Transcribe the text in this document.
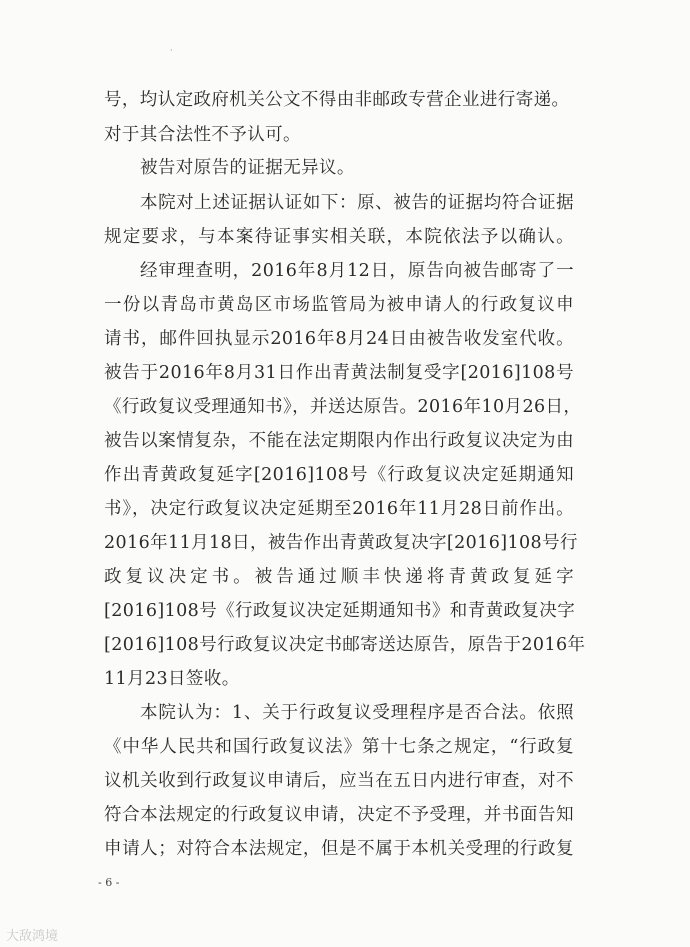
·
号，均认定政府机关公文不得由非邮政专营企业进行寄递。
对于其合法性不予认可。
被告对原告的证据无异议。
本院对上述证据认证如下：原、被告的证据均符合证据
规定要求，与本案待证事实相关联，本院依法予以确认。
经审理查明，2016年8月12日，原告向被告邮寄了一
一份以青岛市黄岛区市场监管局为被申请人的行政复议申
请书，邮件回执显示2016年8月24日由被告收发室代收。
被告于2016年8月31日作出青黄法制复受字[2016]108号
《行政复议受理通知书》，并送达原告。2016年10月26日，
被告以案情复杂，不能在法定期限内作出行政复议决定为由
作出青黄政复延字[2016]108号《行政复议决定延期通知
书》，决定行政复议决定延期至2016年11月28日前作出。
2016年11月18日，被告作出青黄政复决字[2016]108号行
政复议决定书。被告通过顺丰快递将青黄政复延字
[2016]108号《行政复议决定延期通知书》和青黄政复决字
[2016]108号行政复议决定书邮寄送达原告，原告于2016年
11月23日签收。
本院认为：1、关于行政复议受理程序是否合法。依照
《中华人民共和国行政复议法》第十七条之规定，“行政复
议机关收到行政复议申请后，应当在五日内进行审查，对不
符合本法规定的行政复议申请，决定不予受理，并书面告知
申请人；对符合本法规定，但是不属于本机关受理的行政复
- 6 -
大敌鸿境
